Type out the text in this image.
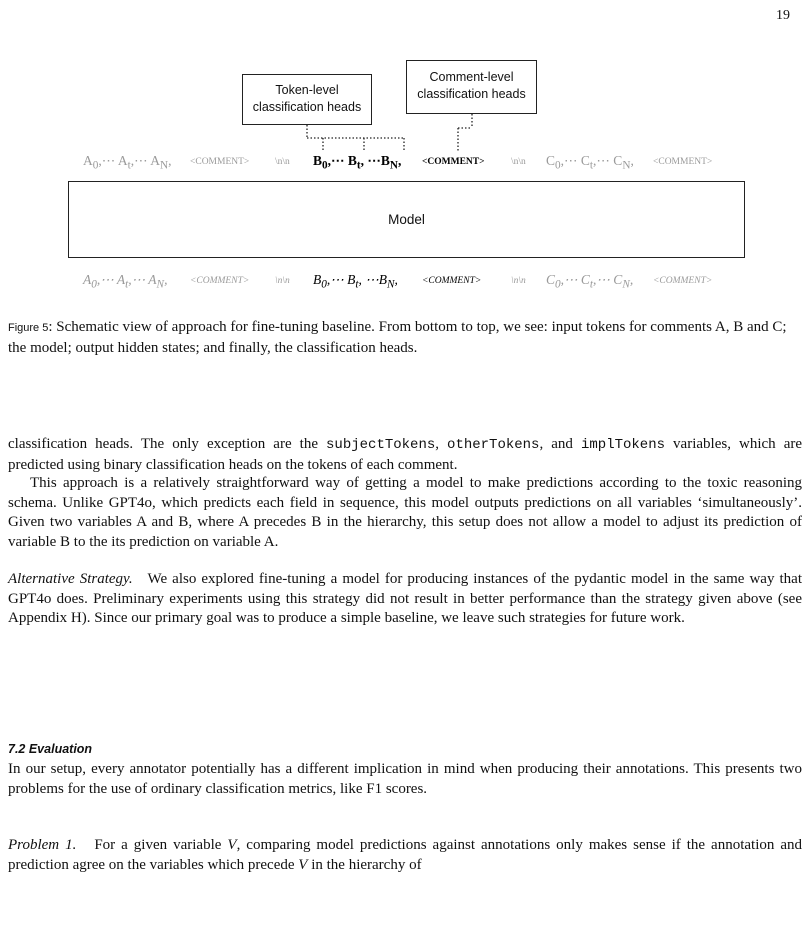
19
Token-level
classification heads
Comment-level
classification heads
$A_0,\cdots$ $A_t,\cdots$ $A_N$, <COMMENT>	\n\n $B_0,\cdots$ $B_t$, $\cdots B_N$, <COMMENT>	\n\n $C_0,\cdots$ $C_t,\cdots$ $C_N$, <COMMENT>
Model
$A_0,\cdots$ $A_t,\cdots$ $A_N$, <COMMENT>	\n\n $B_0,\cdots$ $B_t$, $\cdots B_N$,	<COMMENT>	\n\n $C_0,\cdots$ $C_t,\cdots$ $C_N$, <COMMENT>
Figure 5: Schematic view of approach for fine-tuning baseline. From bottom to top, we see: input tokens for comments A, B and C; the model; output hidden states; and finally, the classification heads.
classification heads. The only exception are the subjectTokens, otherTokens, and implTokens variables, which are predicted using binary classification heads on the tokens of each comment.
This approach is a relatively straightforward way of getting a model to make predictions according to the toxic reasoning schema. Unlike GPT4o, which predicts each field in sequence, this model outputs predictions on all variables ‘simultaneously’. Given two variables A and B, where A precedes B in the hierarchy, this setup does not allow a model to adjust its prediction of variable B to the its prediction on variable A.
Alternative Strategy. We also explored fine-tuning a model for producing instances of the pydantic model in the same way that GPT4o does. Preliminary experiments using this strategy did not result in better performance than the strategy given above (see Appendix H). Since our primary goal was to produce a simple baseline, we leave such strategies for future work.
7.2 Evaluation
In our setup, every annotator potentially has a different implication in mind when producing their annotations. This presents two problems for the use of ordinary classification metrics, like F1 scores.
Problem 1. For a given variable V, comparing model predictions against annotations only makes sense if the annotation and prediction agree on the variables which precede V in the hierarchy of
